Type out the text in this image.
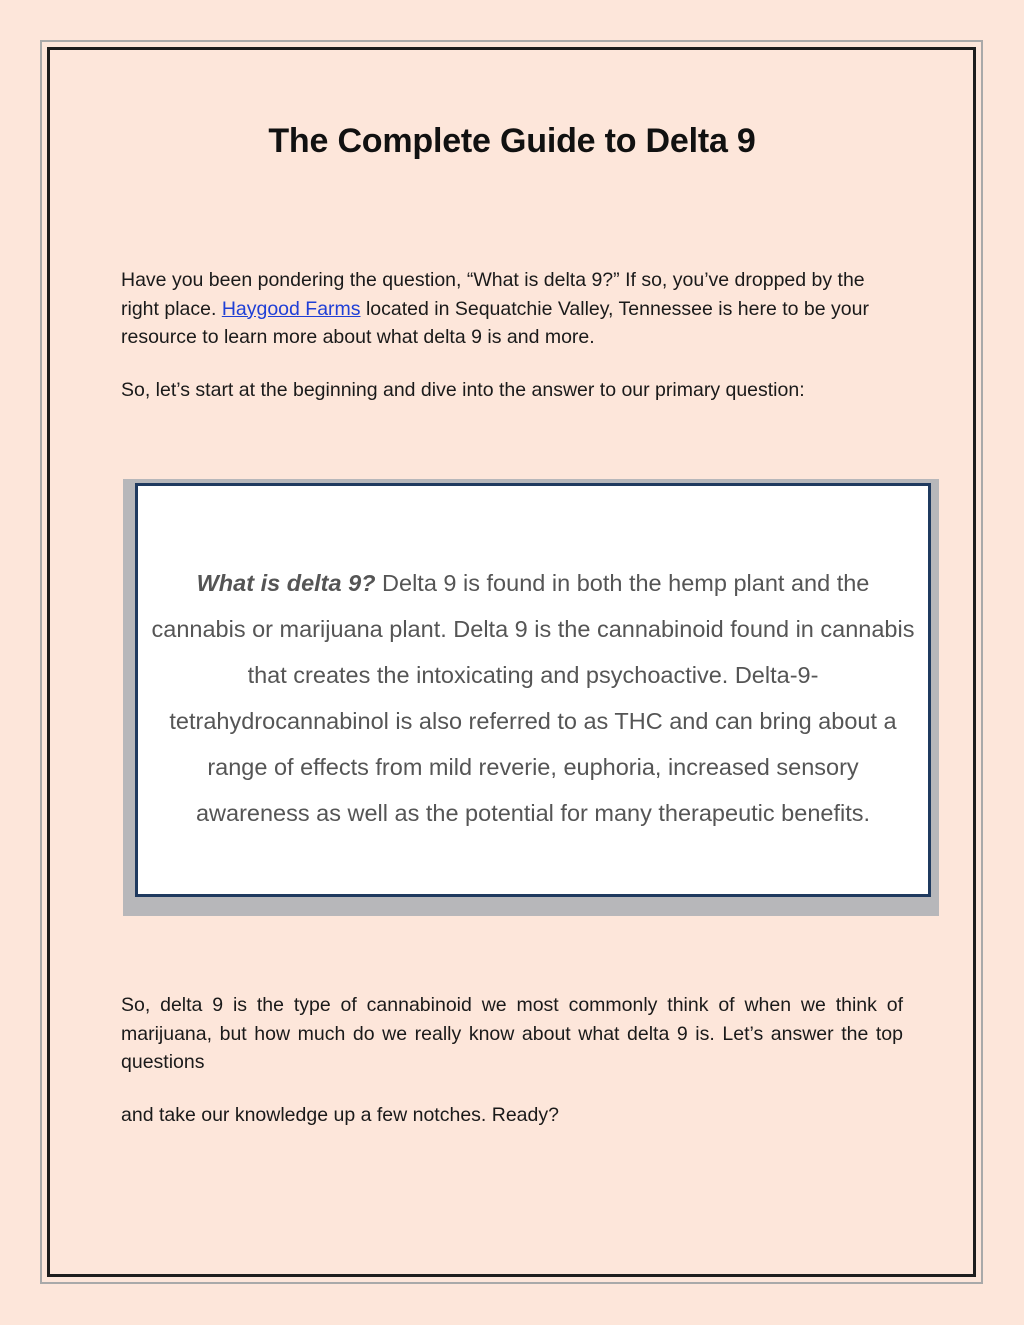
The Complete Guide to Delta 9

Have you been pondering the question, “What is delta 9?” If so, you’ve dropped by the right place. Haygood Farms located in Sequatchie Valley, Tennessee is here to be your resource to learn more about what delta 9 is and more.

So, let’s start at the beginning and dive into the answer to our primary question:

What is delta 9? Delta 9 is found in both the hemp plant and the cannabis or marijuana plant. Delta 9 is the cannabinoid found in cannabis that creates the intoxicating and psychoactive. Delta-9-tetrahydrocannabinol is also referred to as THC and can bring about a range of effects from mild reverie, euphoria, increased sensory awareness as well as the potential for many therapeutic benefits.

So, delta 9 is the type of cannabinoid we most commonly think of when we think of marijuana, but how much do we really know about what delta 9 is. Let’s answer the top questions

and take our knowledge up a few notches. Ready?
